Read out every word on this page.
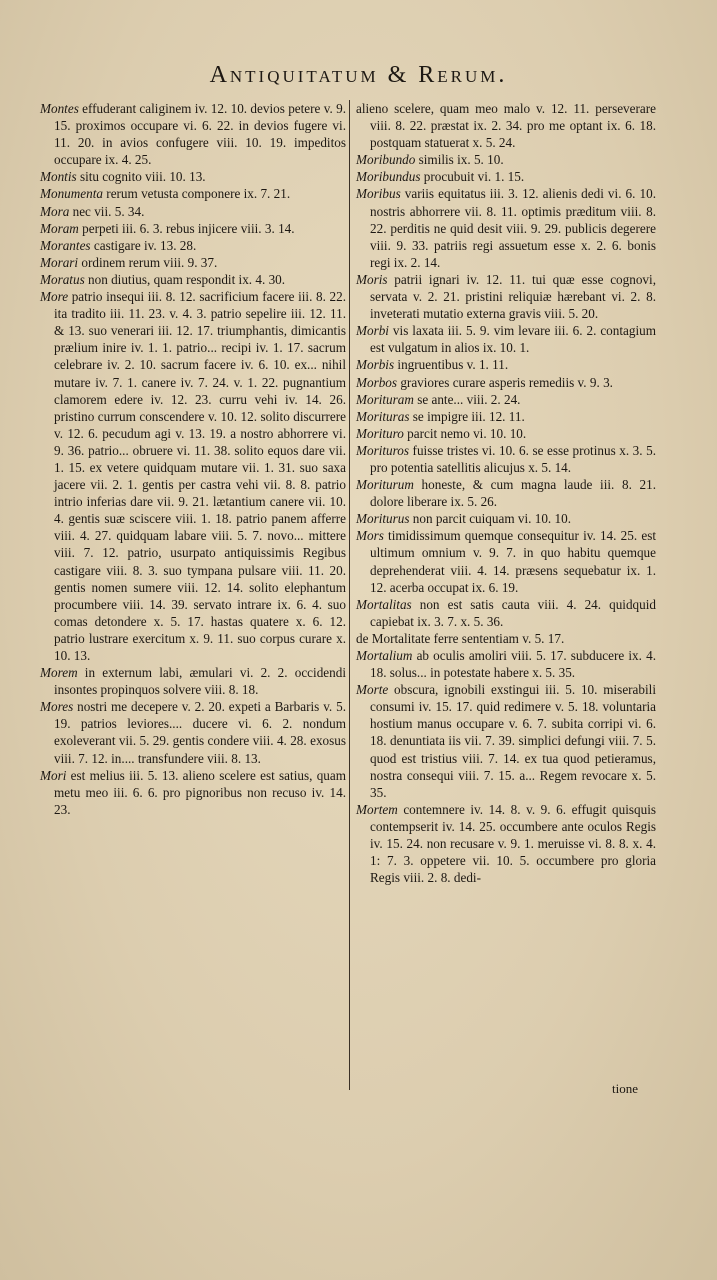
Antiquitatum & Rerum.

Montes effuderant caliginem iv. 12. 10. devios petere v. 9. 15. proximos occupare vi. 6. 22. in devios fugere vi. 11. 20. in avios confugere viii. 10. 19. impeditos occupare ix. 4. 25.

Montis situ cognito viii. 10. 13.

Monumenta rerum vetusta componere ix. 7. 21.

Mora nec vii. 5. 34.

Moram perpeti iii. 6. 3. rebus injicere viii. 3. 14.

Morantes castigare iv. 13. 28.

Morari ordinem rerum viii. 9. 37.

Moratus non diutius, quam respondit ix. 4. 30.

More patrio insequi iii. 8. 12. sacrificium facere iii. 8. 22. ita tradito iii. 11. 23. v. 4. 3. patrio sepelire iii. 12. 11. & 13. suo venerari iii. 12. 17. triumphantis, dimicantis prælium inire iv. 1. 1. patrio... recipi iv. 1. 17. sacrum celebrare iv. 2. 10. sacrum facere iv. 6. 10. ex... nihil mutare iv. 7. 1. canere iv. 7. 24. v. 1. 22. pugnantium clamorem edere iv. 12. 23. curru vehi iv. 14. 26. pristino currum conscendere v. 10. 12. solito discurrere v. 12. 6. pecudum agi v. 13. 19. a nostro abhorrere vi. 9. 36. patrio... obruere vi. 11. 38. solito equos dare vii. 1. 15. ex vetere quidquam mutare vii. 1. 31. suo saxa jacere vii. 2. 1. gentis per castra vehi vii. 8. 8. patrio intrio inferias dare vii. 9. 21. lætantium canere vii. 10. 4. gentis suæ sciscere viii. 1. 18. patrio panem afferre viii. 4. 27. quidquam labare viii. 5. 7. novo... mittere viii. 7. 12. patrio, usurpato antiquissimis Regibus castigare viii. 8. 3. suo tympana pulsare viii. 11. 20. gentis nomen sumere viii. 12. 14. solito elephantum procumbere viii. 14. 39. servato intrare ix. 6. 4. suo comas detondere x. 5. 17. hastas quatere x. 6. 12. patrio lustrare exercitum x. 9. 11. suo corpus curare x. 10. 13.

Morem in externum labi, æmulari vi. 2. 2. occidendi insontes propinquos solvere viii. 8. 18.

Mores nostri me decepere v. 2. 20. expeti a Barbaris v. 5. 19. patrios leviores.... ducere vi. 6. 2. nondum exoleverant vii. 5. 29. gentis condere viii. 4. 28. exosus viii. 7. 12. in.... transfundere viii. 8. 13.

Mori est melius iii. 5. 13. alieno scelere est satius, quam metu meo iii. 6. 6. pro pignoribus non recuso iv. 14. 23.

alieno scelere, quam meo malo v. 12. 11. perseverare viii. 8. 22. præstat ix. 2. 34. pro me optant ix. 6. 18. postquam statuerat x. 5. 24.

Moribundo similis ix. 5. 10.

Moribundus procubuit vi. 1. 15.

Moribus variis equitatus iii. 3. 12. alienis dedi vi. 6. 10. nostris abhorrere vii. 8. 11. optimis præditum viii. 8. 22. perditis ne quid desit viii. 9. 29. publicis degerere viii. 9. 33. patriis regi assuetum esse x. 2. 6. bonis regi ix. 2. 14.

Moris patrii ignari iv. 12. 11. tui quæ esse cognovi, servata v. 2. 21. pristini reliquiæ hærebant vi. 2. 8. inveterati mutatio externa gravis viii. 5. 20.

Morbi vis laxata iii. 5. 9. vim levare iii. 6. 2. contagium est vulgatum in alios ix. 10. 1.

Morbis ingruentibus v. 1. 11.

Morbos graviores curare asperis remediis v. 9. 3.

Morituram se ante... viii. 2. 24.

Morituras se impigre iii. 12. 11.

Morituro parcit nemo vi. 10. 10.

Morituros fuisse tristes vi. 10. 6. se esse protinus x. 3. 5. pro potentia satellitis alicujus x. 5. 14.

Moriturum honeste, & cum magna laude iii. 8. 21. dolore liberare ix. 5. 26.

Moriturus non parcit cuiquam vi. 10. 10.

Mors timidissimum quemque consequitur iv. 14. 25. est ultimum omnium v. 9. 7. in quo habitu quemque deprehenderat viii. 4. 14. præsens sequebatur ix. 1. 12. acerba occupat ix. 6. 19.

Mortalitas non est satis cauta viii. 4. 24. quidquid capiebat ix. 3. 7. x. 5. 36.

de Mortalitate ferre sententiam v. 5. 17.

Mortalium ab oculis amoliri viii. 5. 17. subducere ix. 4. 18. solus... in potestate habere x. 5. 35.

Morte obscura, ignobili exstingui iii. 5. 10. miserabili consumi iv. 15. 17. quid redimere v. 5. 18. voluntaria hostium manus occupare v. 6. 7. subita corripi vi. 6. 18. denuntiata iis vii. 7. 39. simplici defungi viii. 7. 5. quod est tristius viii. 7. 14. ex tua quod petieramus, nostra consequi viii. 7. 15. a... Regem revocare x. 5. 35.

Mortem contemnere iv. 14. 8. v. 9. 6. effugit quisquis contempserit iv. 14. 25. occumbere ante oculos Regis iv. 15. 24. non recusare v. 9. 1. meruisse vi. 8. 8. x. 4. 1: 7. 3. oppetere vii. 10. 5. occumbere pro gloria Regis viii. 2. 8. dedi-

tione
